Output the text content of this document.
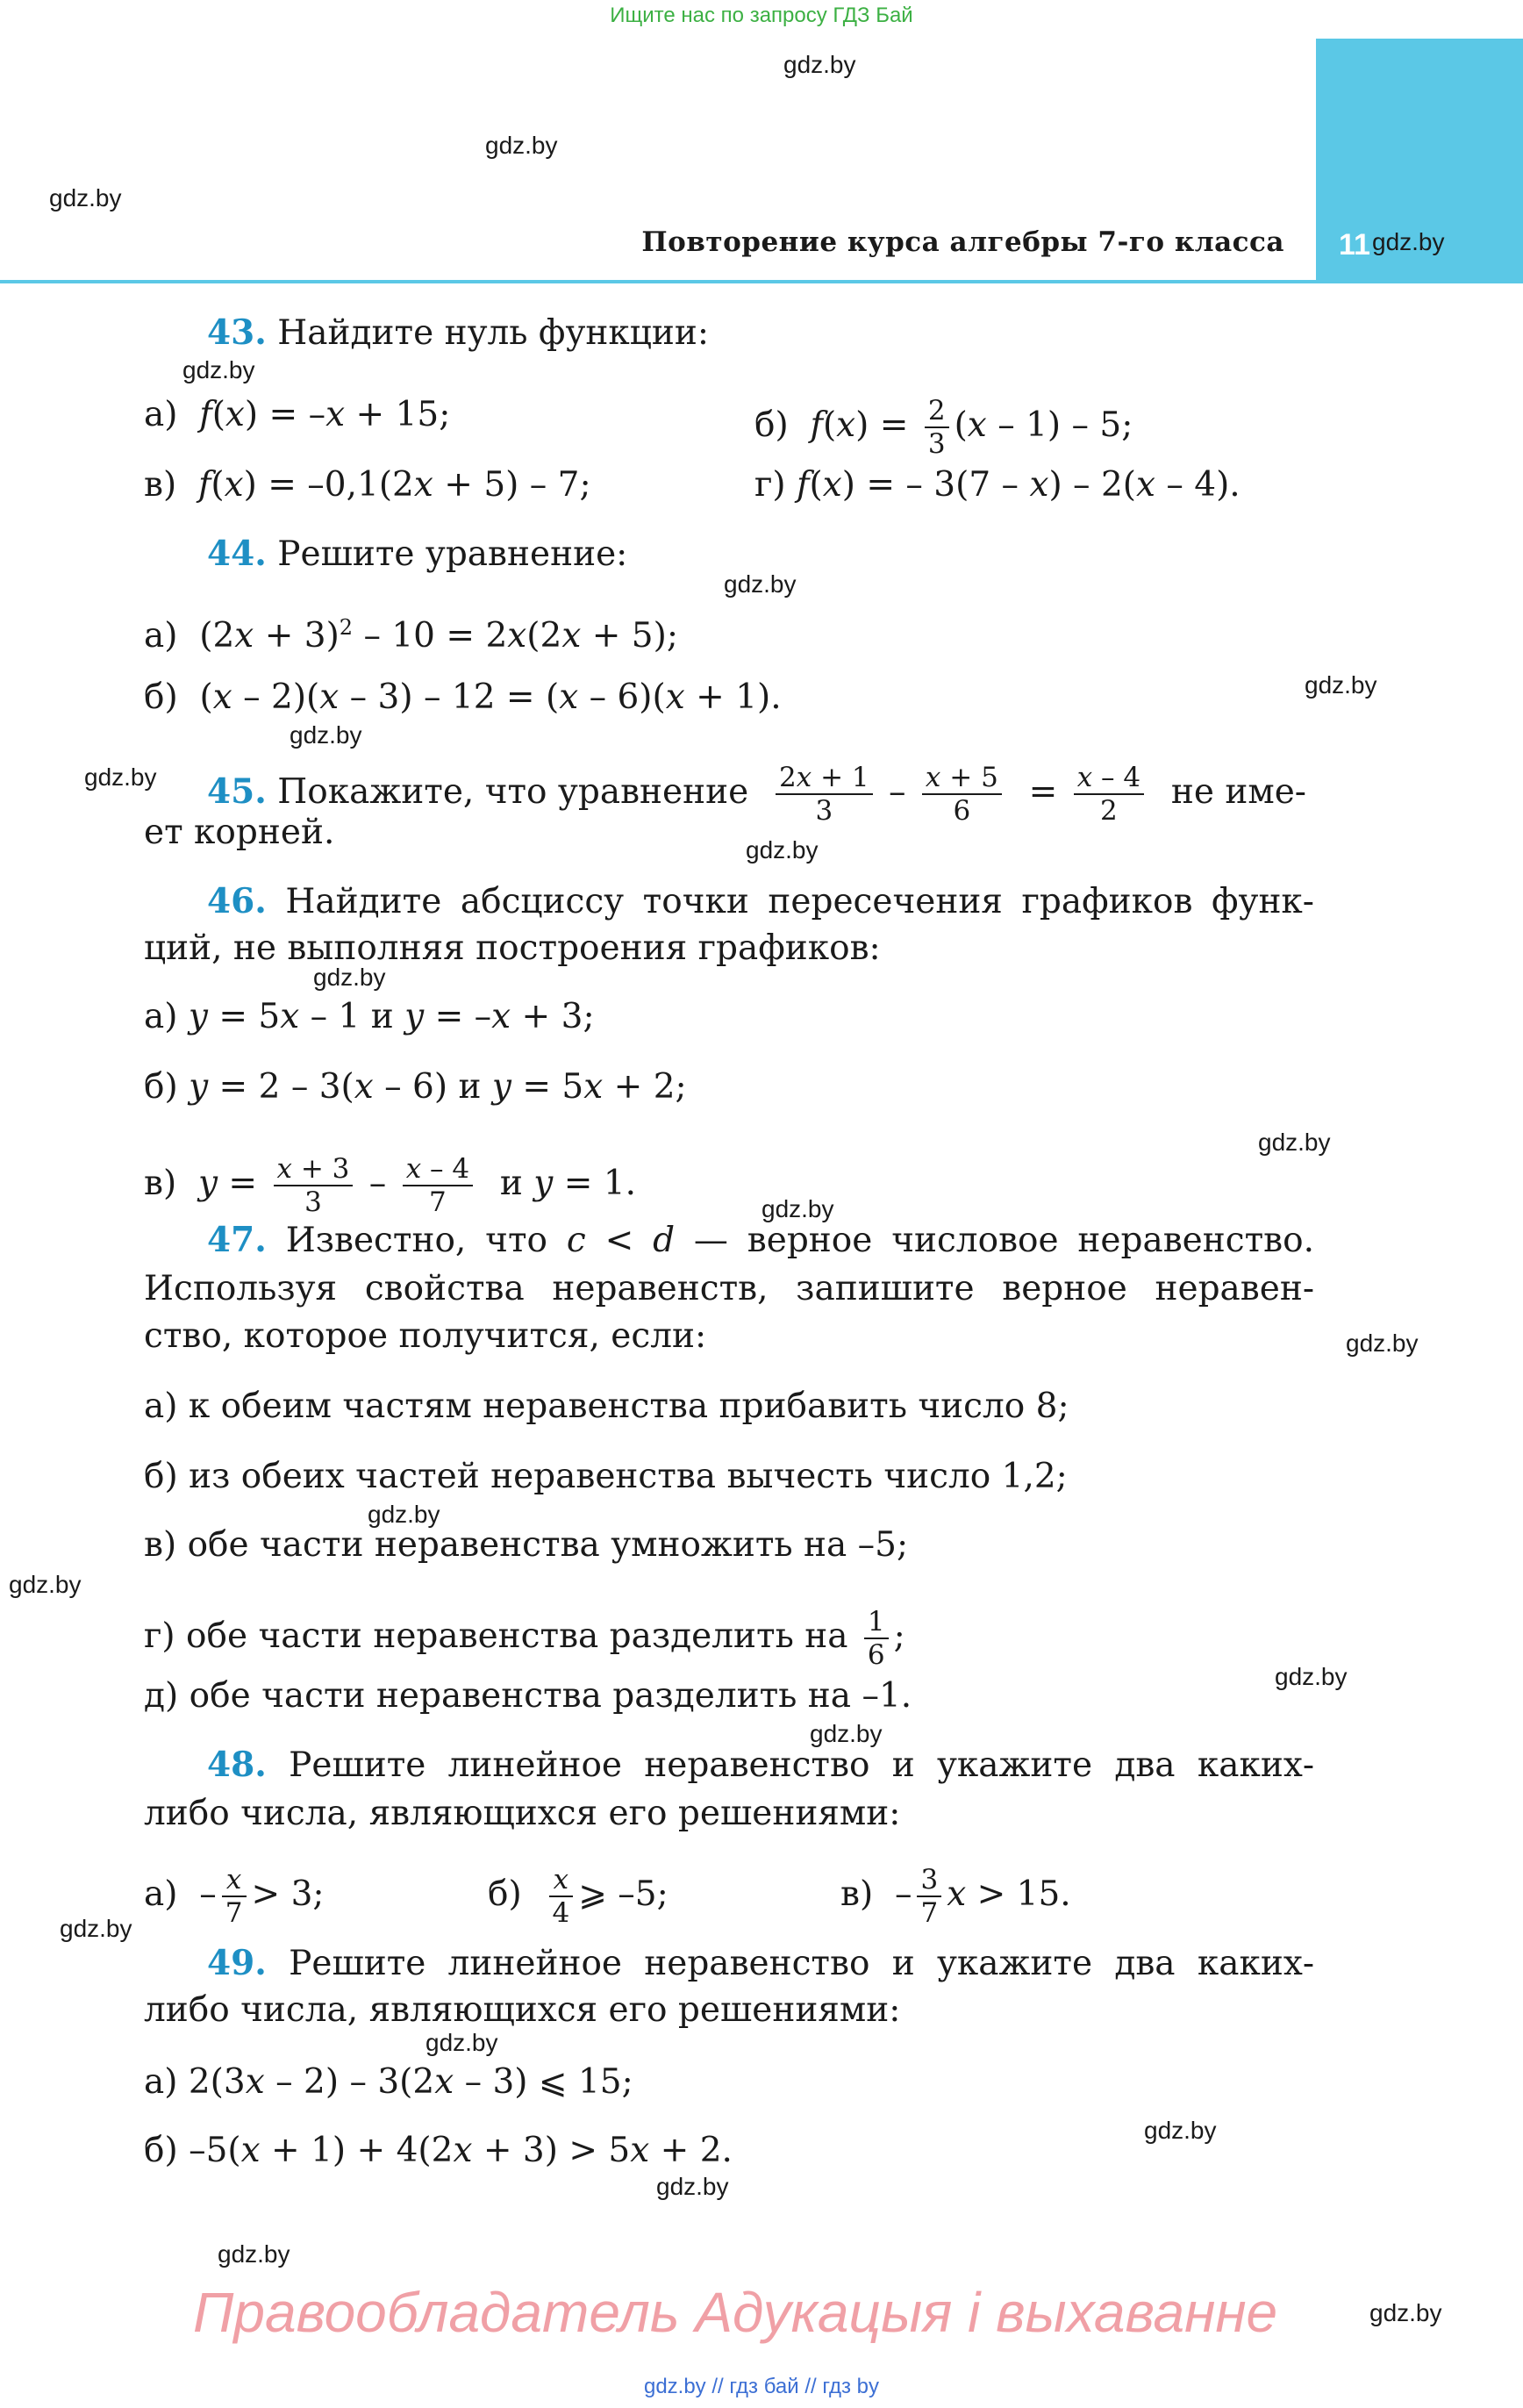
Ищите нас по запросу ГДЗ Бай
Повторение курса алгебры 7-го класса 11
gdz.by
gdz.by
gdz.by
gdz.by
gdz.by
gdz.by
gdz.by
gdz.by
gdz.by
gdz.by
gdz.by
gdz.by
gdz.by
gdz.by
gdz.by
gdz.by
gdz.by
gdz.by
gdz.by
gdz.by
gdz.by
gdz.by
gdz.by
gdz.by
43. Найдите нуль функции:
а)  f(x) = –x + 15;	б)  $f(x) = \frac{2}{3} (x - 1) - 5$;
в)  f(x) = –0,1(2x + 5) – 7;	г) f(x) = – 3(7 – x) – 2(x – 4).
44. Решите уравнение:
а)  $(2x + 3)^2 - 10 = 2x(2x + 5)$;
б)  (x – 2)(x – 3) – 12 = (x – 6)(x + 1).
45. Покажите, что уравнение $\frac{2x + 1}{3} - \frac{x + 5}{6} = \frac{x - 4}{2}$ не име-
ет корней.
46. Найдите абсциссу точки пересечения графиков функ-
ций, не выполняя построения графиков:
а) y = 5x – 1 и y = –x + 3;
б) y = 2 – 3(x – 6) и y = 5x + 2;
в)  $y = \frac{x + 3}{3} - \frac{x - 4}{7}$ и y = 1.
47. Известно, что c < d — верное числовое неравенство.
Используя свойства неравенств, запишите верное неравен-
ство, которое получится, если:
а) к обеим частям неравенства прибавить число 8;
б) из обеих частей неравенства вычесть число 1,2;
в) обе части неравенства умножить на –5;
г) обе части неравенства разделить на $\frac{1}{6}$ ;
д) обе части неравенства разделить на –1.
48. Решите линейное неравенство и укажите два каких-
либо числа, являющихся его решениями:
$а) - \frac{x}{7} > 3$;	$б) \frac{x}{4}$ ⩾ –5;	$в) - \frac{3}{7}$ x > 15.
49. Решите линейное неравенство и укажите два каких-
либо числа, являющихся его решениями:
а) 2(3x – 2) – 3(2x – 3) ⩽ 15;
б) –5(x + 1) + 4(2x + 3) > 5x + 2.
Правообладатель Адукацыя і выхаванне
gdz.by // гдз бай // гдз by
